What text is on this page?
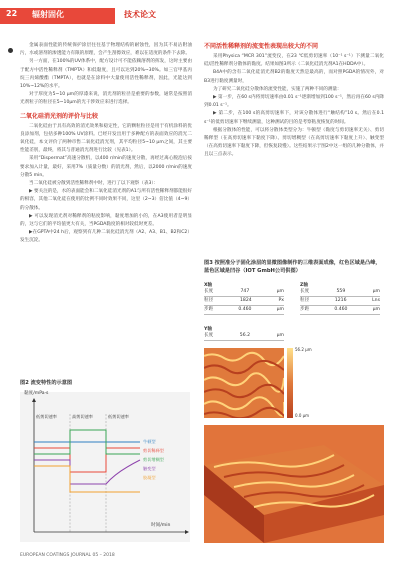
22 辐射固化	技术论文

金属表面性能的传统保护涂层往往基于物理结构的耐蚀性，因为其不易沾附油污，水或溶剂的渗透能力有限的原理，会产生刮擦效应，难以在适度的条件下去除。

另一方面，在100%的UV体系中，配方设计可不能依赖溶剂的挥发，这时主要由于配方中活性稀释剂（TMPTA）和低黏度，且可以达到20%~30%。如三官甲基丙烷三丙烯酸酯（TMPTA），也就是在涂料中大量使用活性稀释剂，因此，光能达到10%~12%的水平。

对于厚度为5~10 μm的厚漆来说，消光剂的粒径是重要的参数，通常是按照消光剂粒子的粒径在5~10μm的光干涉效应来进行选择。

二氧化硅消光剂的评价与比较

二氧化硅由于具有高效的消光效果和稳定性，它的颗粒粒径是用于有机涂料的优良添加剂，包括多种100% UV涂料。已经开发出用于多种配方的表面效应的消光二氧化硅，本文评价了两种市售二氧化硅消光剂，其平均粒径5~10 μm之间，其主要性能差别，最终，将其与普通消光剂进行比较（见表1）。

采用“Dispermat”高速分散机，以400 r/min的速度分散，再经过离心脱泡后按要求加入计量，最好，采用7%（质量分数）的消光剂，然后，以2000 r/min的速度分散5 min。

当二氧化硅被分散到活性稀释剂中时，进行了以下观察（表3）：

▶ 要关注的是，水的表面能会和二氧化硅消光剂的A1与所有活性稀释剂都能很好的相容，其他二氧化硅在使用的比例不同时效果不同，这里（2~3）倍比值（4~9）的分散体。

▶ 可以发现消光剂对稀释剂的粘度影响，黏度增加的小的，在A3使用者是明显的，这与它们的平均值更大有关，当PGDA黏度的相对较低时更差。

▶在GPTA中24 h后，观察到有几种二氧化硅消光剂（A2、A3、B1、B2和C2）发生沉淀。

图2 流变特性的示意图
黏度/mPa·s
低剪切速率	高剪切速率	低剪切速率
牛顿型
剪切稀释型
剪切增稠型
触变型
胶凝型
时间/min
不同活性稀释剂的流变性表现出较大的不同

采用Physica “MCR 301”流变仪，在23 ℃低剪切速率（10⁻¹ s⁻¹）下测量二氧化硅/活性稀释剂分散体的黏度。结果如图3所示（二氧化硅消光剂A1在HDDA中）。

B4A中的含有二氧化硅消光剂B2的黏度天然是最高的，而对照PGDA的情况外，对B3进行黏度测量时，

为了研究二氧化硅分散体的流变性能，实施了两种不同的测量：

▶ 第一步，在60 s内将剪切速率由0.01 s⁻¹逐渐增加到100 s⁻¹，然后再在60 s内降到0.01 s⁻¹。

▶ 第二步，在100 s的高剪切速率下，对该分散体进行“触结构”10 s。然后在0.1 s⁻¹的低剪切速率下继续测量，这种测试的目的是考察粘度恢复的时间。

根据分散体的性能，可以将分散体类型分为：牛顿型（黏度与剪切速率无关）、剪切稀释型（在高剪切速率下黏度下降）、剪切增稠型（在高剪切速率下黏度上升）、触变型（在高剪切速率下黏度下降，但恢复较慢）。这些结果示于图2中这一组的几种分散体，并且以三点表示。

图3 按照准分子固化涂层的显微图像制作的三维表面成像，红色区域是凸峰，蓝色区域是凹谷（IOT GmbH公司供图）
X轴
长度	747	μm
粒径	1824	Px
步距	0.460	μm
Z轴
长度	559	μm
粒径	1216	Lns
步距	0.460	μm
Y轴
长度	56.2	μm
56.2 μm
0.0 μm
EUROPEAN COATINGS JOURNAL 05 – 2018
